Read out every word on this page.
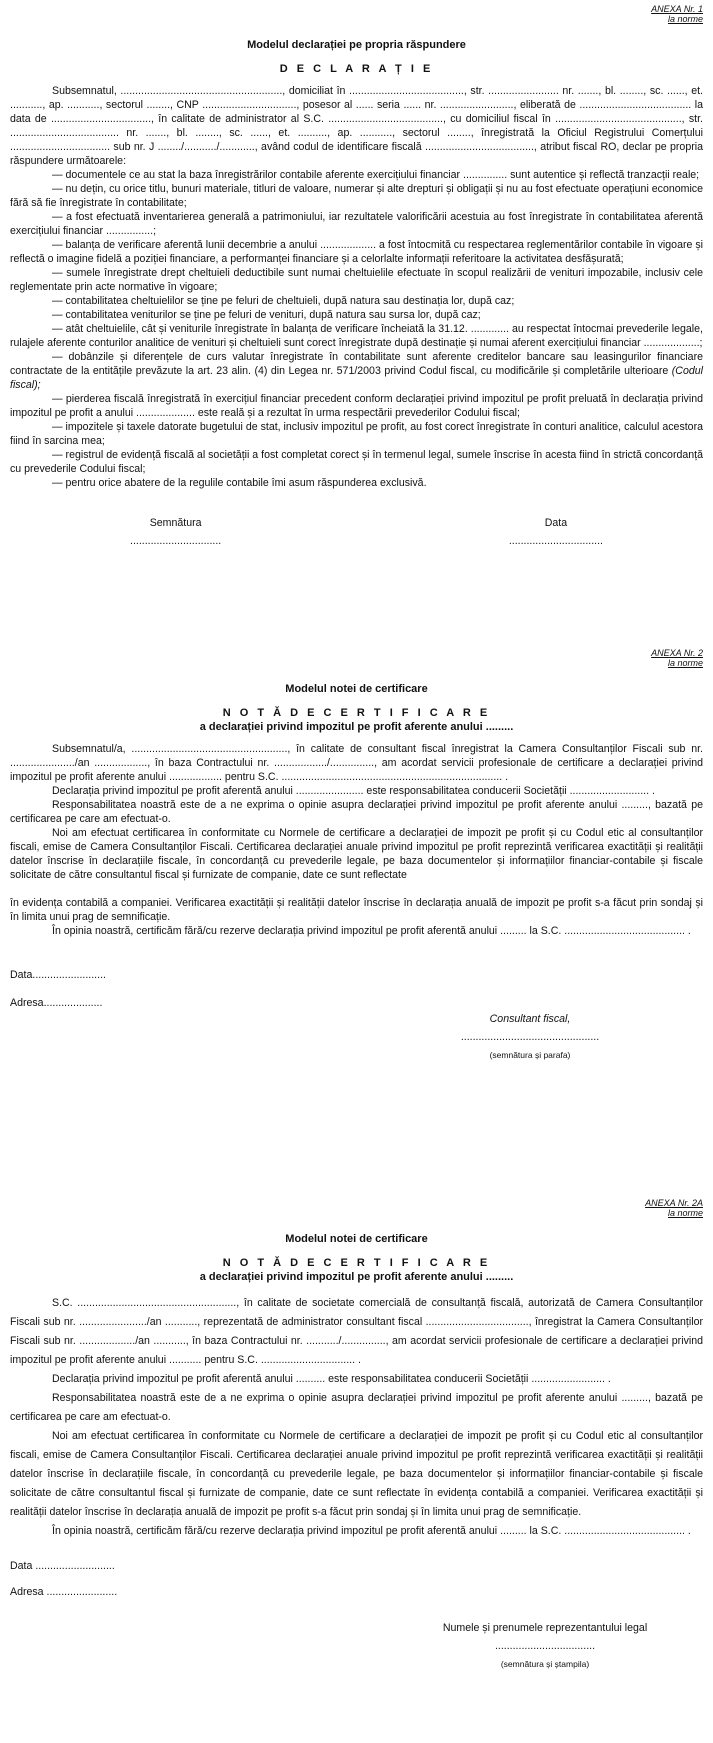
ANEXA Nr. 1
la norme
Modelul declarației pe propria răspundere
D E C L A R A Ț I E

Subsemnatul, ......................................................., domiciliat în ......................................., str. ........................ nr. ......., bl. ........, sc. ......, et. ..........., ap. ..........., sectorul ........, CNP ................................, posesor al ...... seria ...... nr. ........................., eliberată de ...................................... la data de .................................., în calitate de administrator al S.C. ......................................., cu domiciliul fiscal în ..........................................., str. ..................................... nr. ......., bl. ........, sc. ......, et. .........., ap. ..........., sectorul ........, înregistrată la Oficiul Registrului Comerțului .................................. sub nr. J ......../.........../............, având codul de identificare fiscală ....................................., atribut fiscal RO, declar pe propria răspundere următoarele:

— documentele ce au stat la baza înregistrărilor contabile aferente exercițiului financiar ............... sunt autentice și reflectă tranzacții reale;

— nu dețin, cu orice titlu, bunuri materiale, titluri de valoare, numerar și alte drepturi și obligații și nu au fost efectuate operațiuni economice fără să fie înregistrate în contabilitate;

— a fost efectuată inventarierea generală a patrimoniului, iar rezultatele valorificării acestuia au fost înregistrate în contabilitatea aferentă exercițiului financiar ................;

— balanța de verificare aferentă lunii decembrie a anului ................... a fost întocmită cu respectarea reglementărilor contabile în vigoare și reflectă o imagine fidelă a poziției financiare, a performanței financiare și a celorlalte informații referitoare la activitatea desfășurată;

— sumele înregistrate drept cheltuieli deductibile sunt numai cheltuielile efectuate în scopul realizării de venituri impozabile, inclusiv cele reglementate prin acte normative în vigoare;

— contabilitatea cheltuielilor se ține pe feluri de cheltuieli, după natura sau destinația lor, după caz;

— contabilitatea veniturilor se ține pe feluri de venituri, după natura sau sursa lor, după caz;

— atât cheltuielile, cât și veniturile înregistrate în balanța de verificare încheiată la 31.12. ............. au respectat întocmai prevederile legale, rulajele aferente conturilor analitice de venituri și cheltuieli sunt corect înregistrate după destinație și numai aferent exercițiului financiar ...................;

— dobânzile și diferențele de curs valutar înregistrate în contabilitate sunt aferente creditelor bancare sau leasingurilor financiare contractate de la entitățile prevăzute la art. 23 alin. (4) din Legea nr. 571/2003 privind Codul fiscal, cu modificările și completările ulterioare (Codul fiscal);

— pierderea fiscală înregistrată în exercițiul financiar precedent conform declarației privind impozitul pe profit preluată în declarația privind impozitul pe profit a anului .................... este reală și a rezultat în urma respectării prevederilor Codului fiscal;

— impozitele și taxele datorate bugetului de stat, inclusiv impozitul pe profit, au fost corect înregistrate în conturi analitice, calculul acestora fiind în sarcina mea;

— registrul de evidență fiscală al societății a fost completat corect și în termenul legal, sumele înscrise în acesta fiind în strictă concordanță cu prevederile Codului fiscal;

— pentru orice abatere de la regulile contabile îmi asum răspunderea exclusivă.

Semnătura
...............................
Data
................................
ANEXA Nr. 2
la norme
Modelul notei de certificare
N O T Ă D E C E R T I F I C A R E
a declarației privind impozitul pe profit aferente anului .........

Subsemnatul/a, ....................................................., în calitate de consultant fiscal înregistrat la Camera Consultanților Fiscali sub nr. ....................../an .................., în baza Contractului nr. ................../..............., am acordat servicii profesionale de certificare a declarației privind impozitul pe profit aferente anului .................. pentru S.C. ........................................................................... .

Declarația privind impozitul pe profit aferentă anului ....................... este responsabilitatea conducerii Societății ........................... .

Responsabilitatea noastră este de a ne exprima o opinie asupra declarației privind impozitul pe profit aferente anului ........., bazată pe certificarea pe care am efectuat-o.

Noi am efectuat certificarea în conformitate cu Normele de certificare a declarației de impozit pe profit și cu Codul etic al consultanților fiscali, emise de Camera Consultanților Fiscali. Certificarea declarației anuale privind impozitul pe profit reprezintă verificarea exactității și realității datelor înscrise în declarațiile fiscale, în concordanță cu prevederile legale, pe baza documentelor și informațiilor financiar-contabile și fiscale solicitate de către consultantul fiscal și furnizate de companie, date ce sunt reflectate

în evidența contabilă a companiei. Verificarea exactității și realității datelor înscrise în declarația anuală de impozit pe profit s-a făcut prin sondaj și în limita unui prag de semnificație.

În opinia noastră, certificăm fără/cu rezerve declarația privind impozitul pe profit aferentă anului ......... la S.C. ......................................... .

Data.........................
Adresa....................
Consultant fiscal,
...............................................
(semnătura și parafa)
ANEXA Nr. 2A
la norme
Modelul notei de certificare
N O T Ă D E C E R T I F I C A R E
a declarației privind impozitul pe profit aferente anului .........

S.C. ......................................................, în calitate de societate comercială de consultanță fiscală, autorizată de Camera Consultanților Fiscali sub nr. ......................./an ..........., reprezentată de administrator consultant fiscal ..................................., înregistrat la Camera Consultanților Fiscali sub nr. .................../an ..........., în baza Contractului nr. .........../..............., am acordat servicii profesionale de certificare a declarației privind impozitul pe profit aferente anului ........... pentru S.C. ................................ .

Declarația privind impozitul pe profit aferentă anului .......... este responsabilitatea conducerii Societății ......................... .

Responsabilitatea noastră este de a ne exprima o opinie asupra declarației privind impozitul pe profit aferente anului ........., bazată pe certificarea pe care am efectuat-o.

Noi am efectuat certificarea în conformitate cu Normele de certificare a declarației de impozit pe profit și cu Codul etic al consultanților fiscali, emise de Camera Consultanților Fiscali. Certificarea declarației anuale privind impozitul pe profit reprezintă verificarea exactității și realității datelor înscrise în declarațiile fiscale, în concordanță cu prevederile legale, pe baza documentelor și informațiilor financiar-contabile și fiscale solicitate de către consultantul fiscal și furnizate de companie, date ce sunt reflectate în evidența contabilă a companiei. Verificarea exactității și realității datelor înscrise în declarația anuală de impozit pe profit s-a făcut prin sondaj și în limita unui prag de semnificație.

În opinia noastră, certificăm fără/cu rezerve declarația privind impozitul pe profit aferentă anului ......... la S.C. ......................................... .

Data ...........................
Adresa ........................
Numele și prenumele reprezentantului legal
..................................
(semnătura și ștampila)
